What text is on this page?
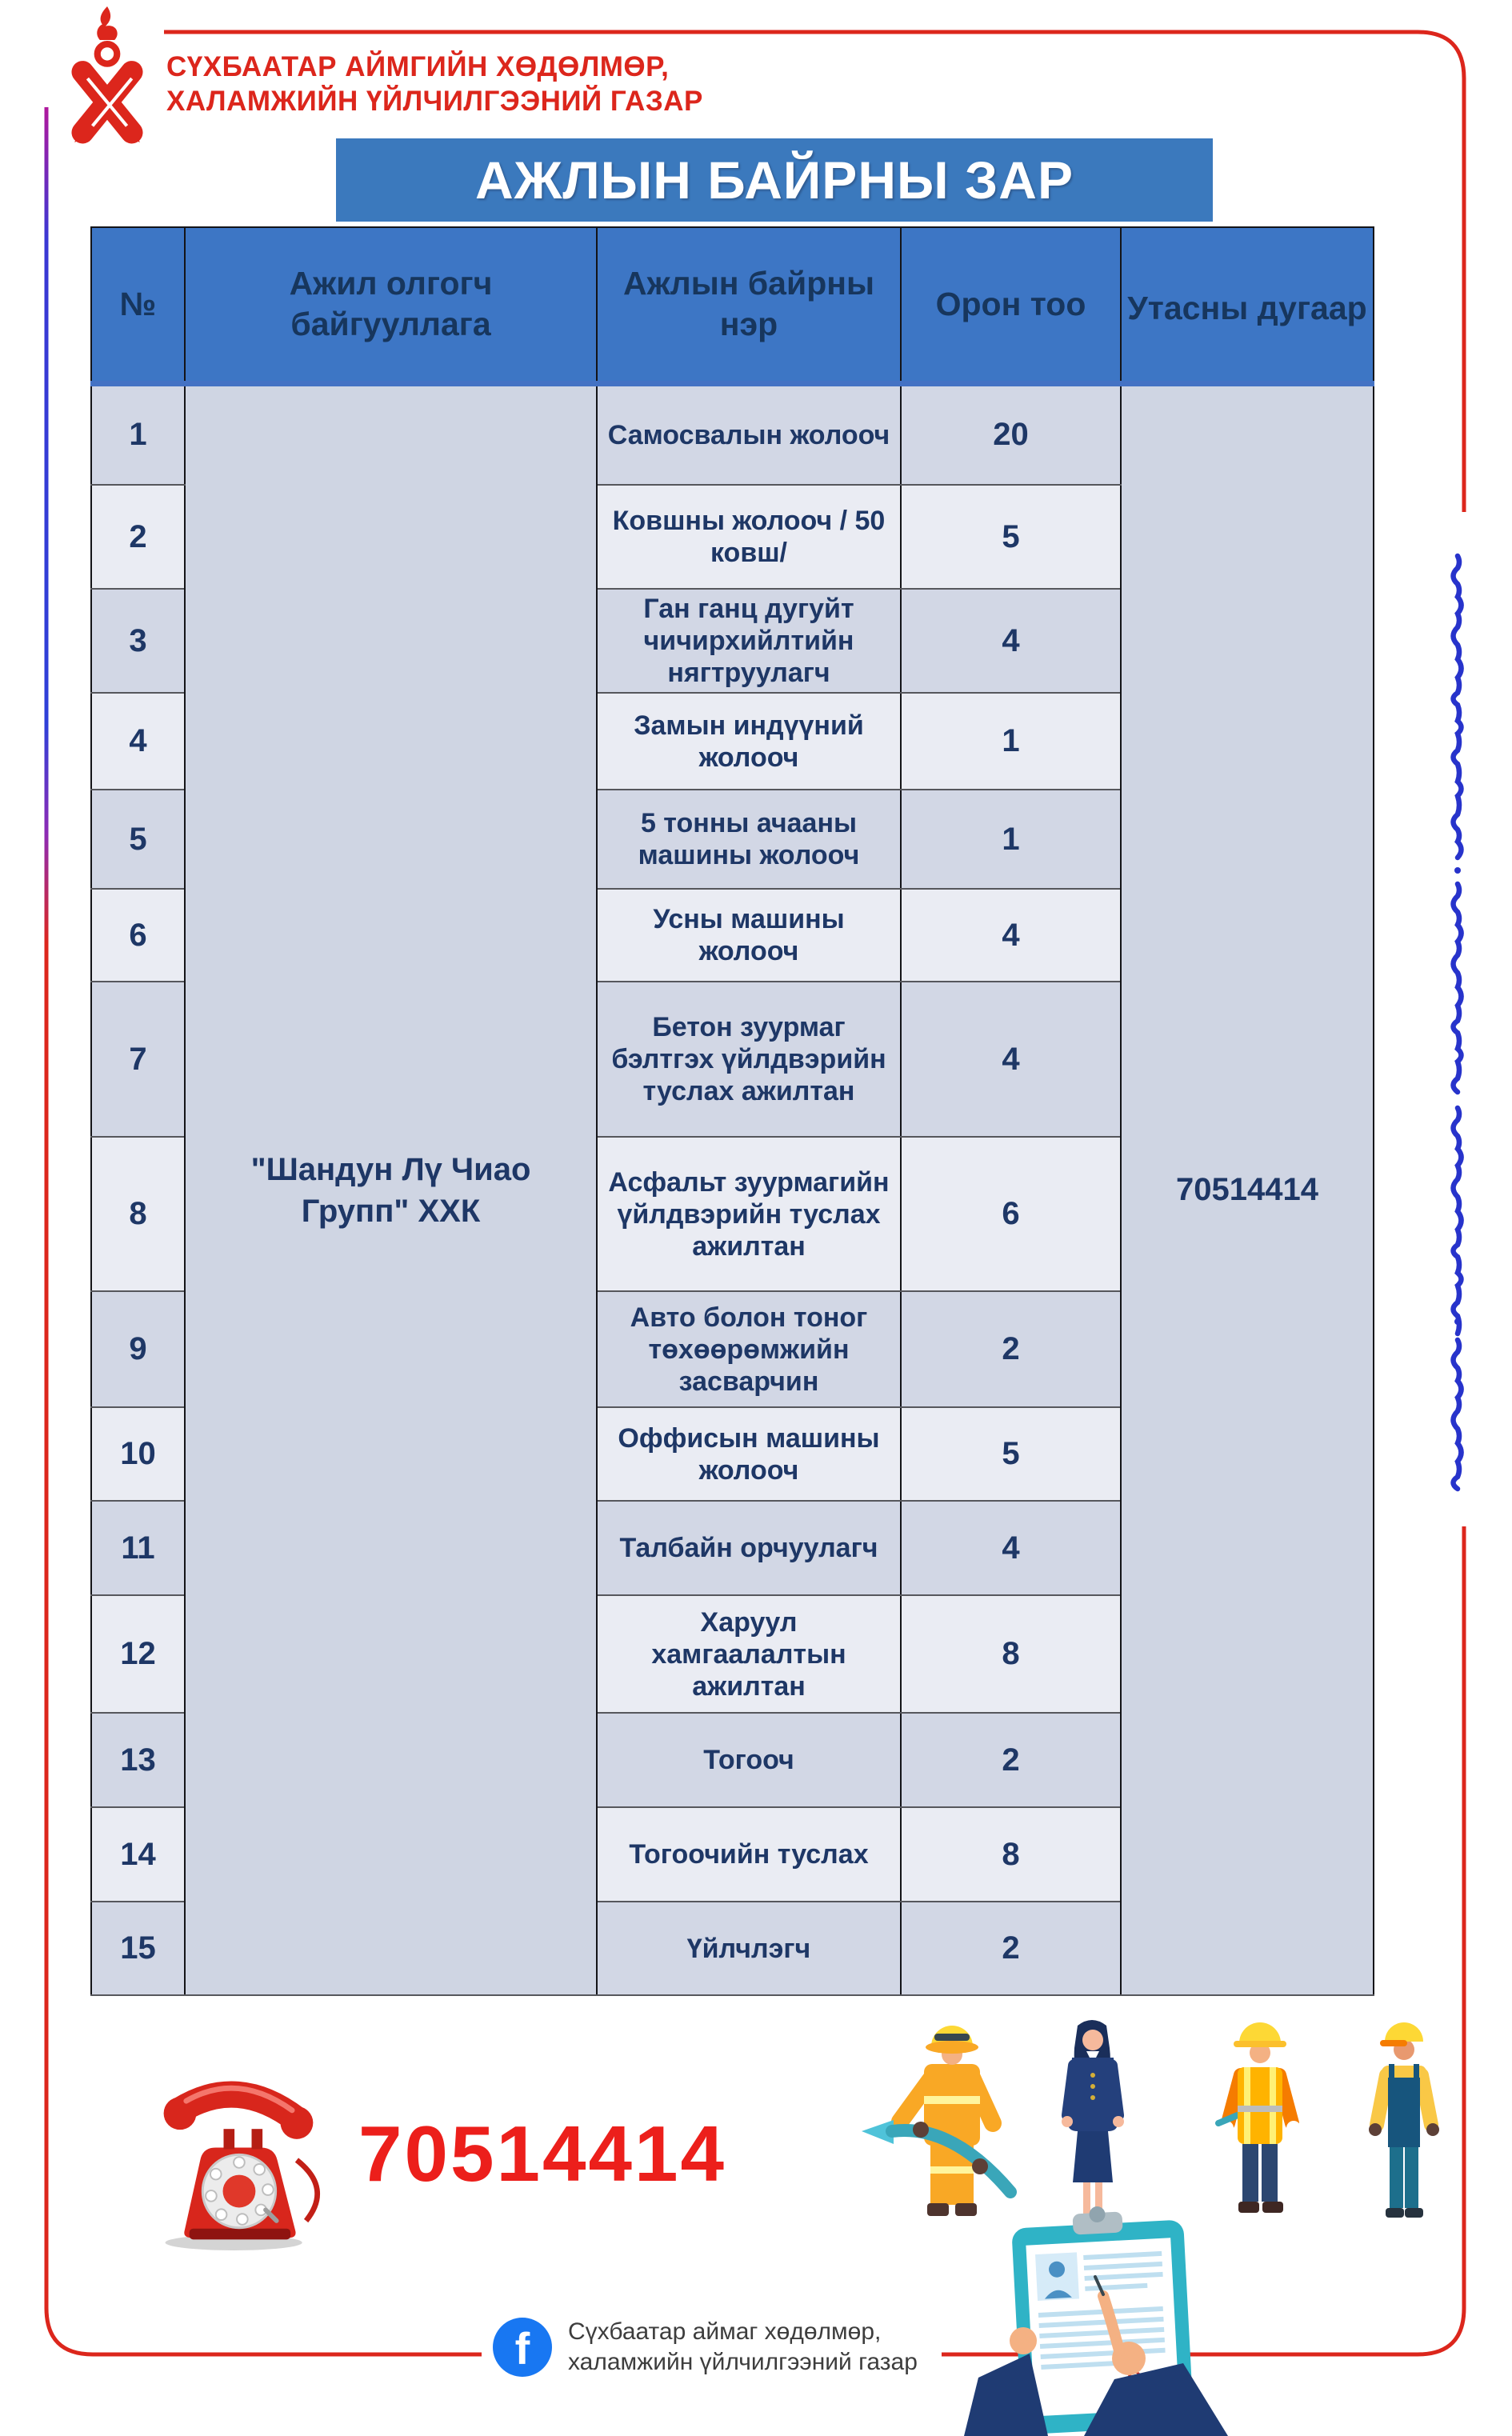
СҮХБААТАР АЙМГИЙН ХӨДӨЛМӨР,
ХАЛАМЖИЙН ҮЙЛЧИЛГЭЭНИЙ ГАЗАР
АЖЛЫН БАЙРНЫ ЗАР
№	Ажил олгогч байгууллага	Ажлын байрны нэр	Орон тоо	Утасны дугаар
1	"Шандун Лү Чиао Групп" ХХК	Самосвалын жолооч	20	70514414
2		Ковшны жолооч / 50 ковш/	5	
3		Ган ганц дугуйт чичирхийлтийн нягтруулагч	4	
4		Замын индүүний жолооч	1	
5		5 тонны ачааны машины жолооч	1	
6		Усны машины жолооч	4	
7		Бетон зуурмаг бэлтгэх үйлдвэрийн туслах ажилтан	4	
8		Асфальт зуурмагийн үйлдвэрийн туслах ажилтан	6	
9		Авто болон тоног төхөөрөмжийн засварчин	2	
10		Оффисын машины жолооч	5	
11		Талбайн орчуулагч	4	
12		Харуул хамгаалалтын ажилтан	8	
13		Тогооч	2	
14		Тогоочийн туслах	8	
15		Үйлчлэгч	2	
70514414
f Сүхбаатар аймаг хөдөлмөр,
халамжийн үйлчилгээний газар
